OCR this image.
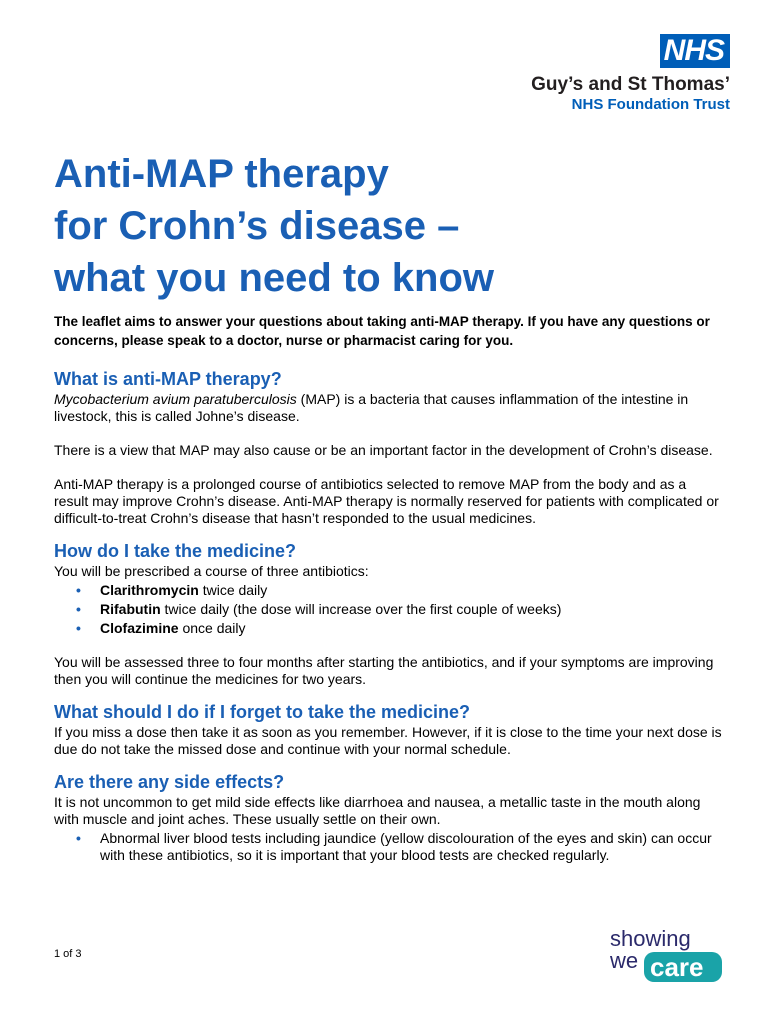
NHS
Guy’s and St Thomas’
NHS Foundation Trust
Anti-MAP therapy
for Crohn’s disease –
what you need to know

The leaflet aims to answer your questions about taking anti-MAP therapy. If you have any questions or concerns, please speak to a doctor, nurse or pharmacist caring for you.

What is anti-MAP therapy?

Mycobacterium avium paratuberculosis (MAP) is a bacteria that causes inflammation of the intestine in livestock, this is called Johne’s disease.

There is a view that MAP may also cause or be an important factor in the development of Crohn’s disease.

Anti-MAP therapy is a prolonged course of antibiotics selected to remove MAP from the body and as a result may improve Crohn’s disease. Anti-MAP therapy is normally reserved for patients with complicated or difficult-to-treat Crohn’s disease that hasn’t responded to the usual medicines.

How do I take the medicine?

You will be prescribed a course of three antibiotics:

• Clarithromycin twice daily
• Rifabutin twice daily (the dose will increase over the first couple of weeks)
• Clofazimine once daily

You will be assessed three to four months after starting the antibiotics, and if your symptoms are improving then you will continue the medicines for two years.

What should I do if I forget to take the medicine?

If you miss a dose then take it as soon as you remember. However, if it is close to the time your next dose is due do not take the missed dose and continue with your normal schedule.

Are there any side effects?

It is not uncommon to get mild side effects like diarrhoea and nausea, a metallic taste in the mouth along with muscle and joint aches. These usually settle on their own.

• Abnormal liver blood tests including jaundice (yellow discolouration of the eyes and skin) can occur with these antibiotics, so it is important that your blood tests are checked regularly.
1 of 3
showing
we care
